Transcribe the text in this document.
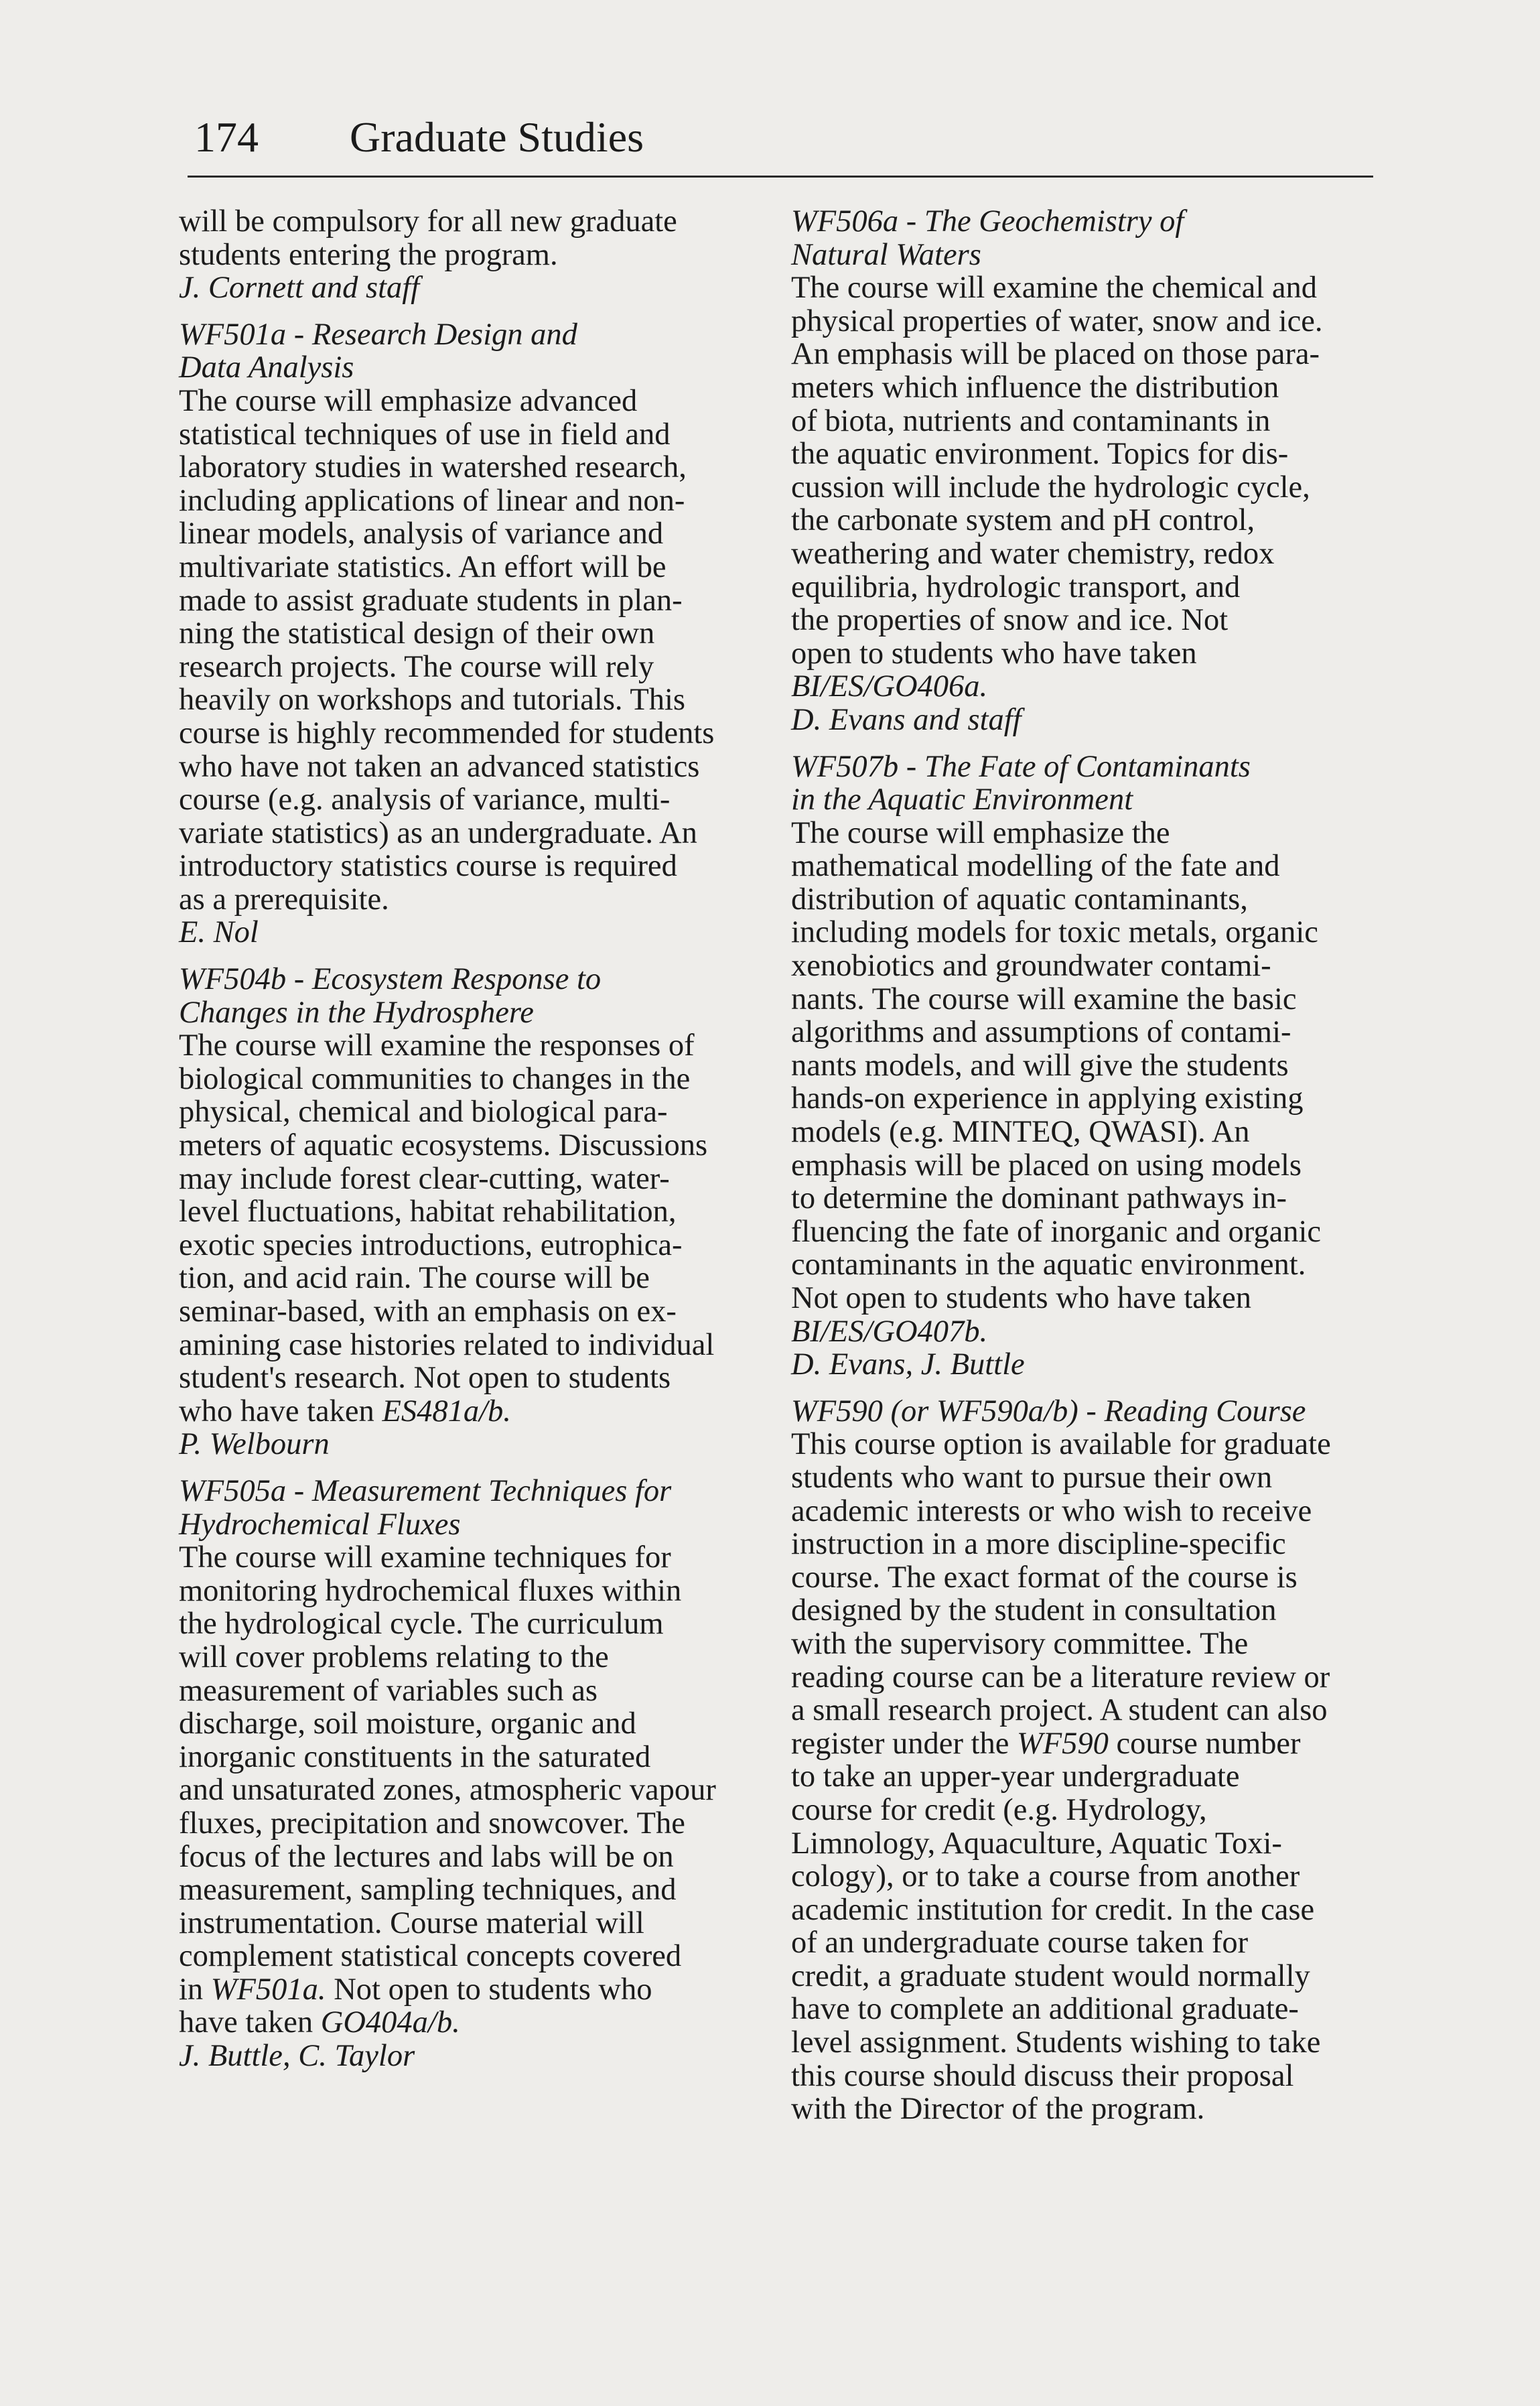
174 Graduate Studies
will be compulsory for all new graduate
students entering the program.
J. Cornett and staff
WF501a - Research Design and
Data Analysis
The course will emphasize advanced
statistical techniques of use in field and
laboratory studies in watershed research,
including applications of linear and non-
linear models, analysis of variance and
multivariate statistics. An effort will be
made to assist graduate students in plan-
ning the statistical design of their own
research projects. The course will rely
heavily on workshops and tutorials. This
course is highly recommended for students
who have not taken an advanced statistics
course (e.g. analysis of variance, multi-
variate statistics) as an undergraduate. An
introductory statistics course is required
as a prerequisite.
E. Nol
WF504b - Ecosystem Response to
Changes in the Hydrosphere
The course will examine the responses of
biological communities to changes in the
physical, chemical and biological para-
meters of aquatic ecosystems. Discussions
may include forest clear-cutting, water-
level fluctuations, habitat rehabilitation,
exotic species introductions, eutrophica-
tion, and acid rain. The course will be
seminar-based, with an emphasis on ex-
amining case histories related to individual
student's research. Not open to students
who have taken ES481a/b.
P. Welbourn
WF505a - Measurement Techniques for
Hydrochemical Fluxes
The course will examine techniques for
monitoring hydrochemical fluxes within
the hydrological cycle. The curriculum
will cover problems relating to the
measurement of variables such as
discharge, soil moisture, organic and
inorganic constituents in the saturated
and unsaturated zones, atmospheric vapour
fluxes, precipitation and snowcover. The
focus of the lectures and labs will be on
measurement, sampling techniques, and
instrumentation. Course material will
complement statistical concepts covered
in WF501a. Not open to students who
have taken GO404a/b.
J. Buttle, C. Taylor
WF506a - The Geochemistry of
Natural Waters
The course will examine the chemical and
physical properties of water, snow and ice.
An emphasis will be placed on those para-
meters which influence the distribution
of biota, nutrients and contaminants in
the aquatic environment. Topics for dis-
cussion will include the hydrologic cycle,
the carbonate system and pH control,
weathering and water chemistry, redox
equilibria, hydrologic transport, and
the properties of snow and ice. Not
open to students who have taken
BI/ES/GO406a.
D. Evans and staff
WF507b - The Fate of Contaminants
in the Aquatic Environment
The course will emphasize the
mathematical modelling of the fate and
distribution of aquatic contaminants,
including models for toxic metals, organic
xenobiotics and groundwater contami-
nants. The course will examine the basic
algorithms and assumptions of contami-
nants models, and will give the students
hands-on experience in applying existing
models (e.g. MINTEQ, QWASI). An
emphasis will be placed on using models
to determine the dominant pathways in-
fluencing the fate of inorganic and organic
contaminants in the aquatic environment.
Not open to students who have taken
BI/ES/GO407b.
D. Evans, J. Buttle
WF590 (or WF590a/b) - Reading Course
This course option is available for graduate
students who want to pursue their own
academic interests or who wish to receive
instruction in a more discipline-specific
course. The exact format of the course is
designed by the student in consultation
with the supervisory committee. The
reading course can be a literature review or
a small research project. A student can also
register under the WF590 course number
to take an upper-year undergraduate
course for credit (e.g. Hydrology,
Limnology, Aquaculture, Aquatic Toxi-
cology), or to take a course from another
academic institution for credit. In the case
of an undergraduate course taken for
credit, a graduate student would normally
have to complete an additional graduate-
level assignment. Students wishing to take
this course should discuss their proposal
with the Director of the program.
